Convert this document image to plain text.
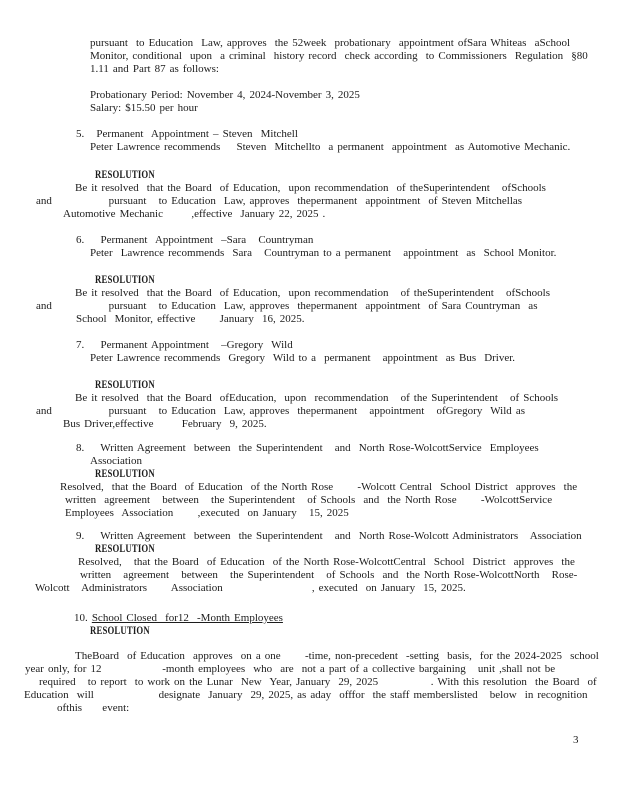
pursuant  to Education  Law, approves  the 52week  probationary  appointment ofSara Whiteas  aSchool
Monitor, conditional  upon  a criminal  history record  check according  to Commissioners  Regulation  §80
1.11 and Part 87 as follows:
Probationary Period: November 4, 2024-November 3, 2025
Salary: $15.50 per hour
5.   Permanent  Appointment – Steven  Mitchell
Peter Lawrence recommends    Steven  Mitchellto  a permanent  appointment  as Automotive Mechanic.
RESOLUTION
Be it resolved  that the Board  of Education,  upon recommendation  of theSuperintendent   ofSchools
and              pursuant   to Education  Law, approves  thepermanent  appointment  of Steven Mitchellas
Automotive Mechanic       ,effective  January 22, 2025 .
6.    Permanent  Appointment  –Sara   Countryman
Peter  Lawrence recommends  Sara   Countryman to a permanent   appointment  as  School Monitor.
RESOLUTION
Be it resolved  that the Board  of Education,  upon recommendation   of theSuperintendent   ofSchools
and              pursuant   to Education  Law, approves  thepermanent  appointment  of Sara Countryman  as
School  Monitor, effective      January  16, 2025.
7.    Permanent Appointment   –Gregory  Wild
Peter Lawrence recommends  Gregory  Wild to a  permanent   appointment  as Bus  Driver.
RESOLUTION
Be it resolved  that the Board  ofEducation,  upon  recommendation   of the Superintendent   of Schools
and              pursuant   to Education  Law, approves  thepermanent   appointment   ofGregory  Wild as
Bus Driver,effective       February  9, 2025.
8.    Written Agreement  between  the Superintendent   and  North Rose-WolcottService  Employees
Association
RESOLUTION
Resolved,  that the Board  of Education  of the North Rose      -Wolcott Central  School District  approves  the
written  agreement   between   the Superintendent   of Schools  and  the North Rose      -WolcottService
Employees  Association      ,executed  on January   15, 2025
9.    Written Agreement  between  the Superintendent   and  North Rose-Wolcott Administrators   Association
RESOLUTION
Resolved,   that the Board  of Education  of the North Rose-WolcottCentral  School  District  approves  the
written   agreement   between   the Superintendent   of Schools  and  the North Rose-WolcottNorth   Rose-
Wolcott   Administrators      Association                      , executed  on January  15, 2025.
10. School Closed  for12  -Month Employees
RESOLUTION
TheBoard  of Education  approves  on a one      -time, non-precedent  -setting  basis,  for the 2024-2025  school
year only, for 12               -month employees  who  are  not a part of a collective bargaining   unit ,shall not be
required   to report  to work on the Lunar  New  Year, January  29, 2025             . With this resolution  the Board  of
Education  will                designate  January  29, 2025, as aday  offfor  the staff memberslisted   below  in recognition
ofthis     event:
3
